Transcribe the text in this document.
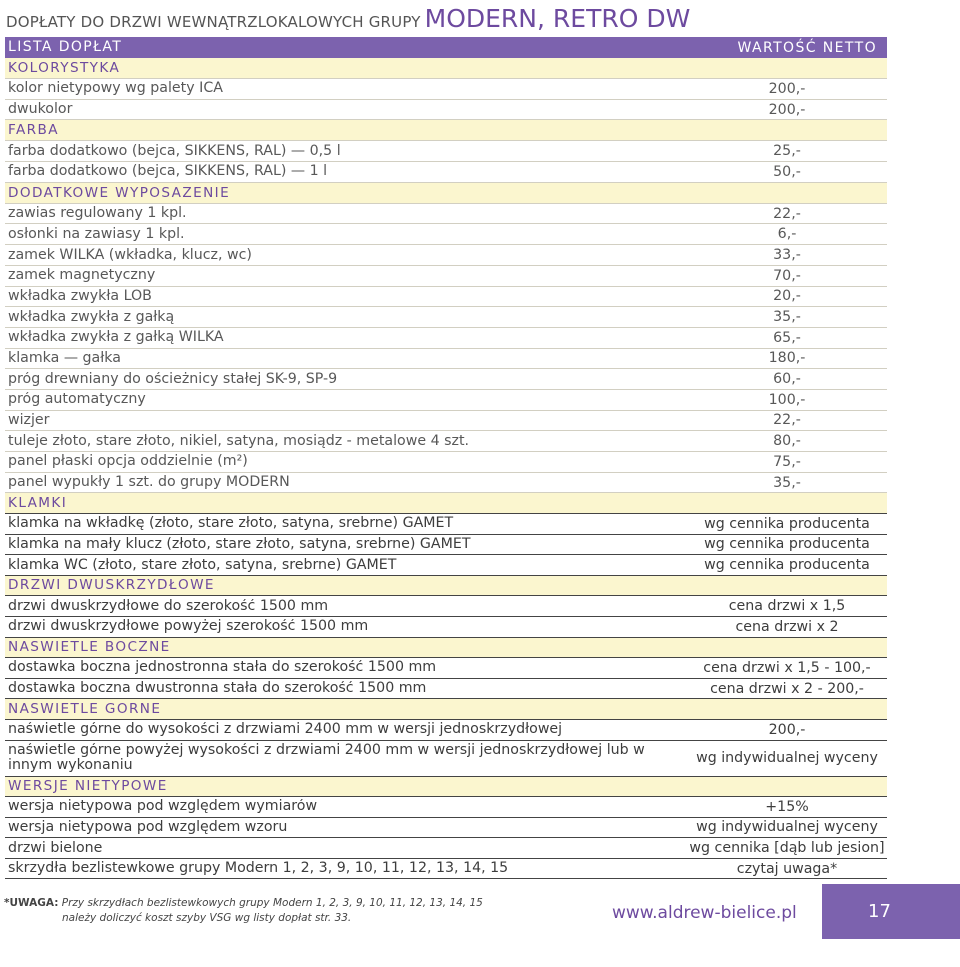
DOPŁATY DO DRZWI WEWNĄTRZLOKALOWYCH GRUPY MODERN, RETRO DW
LISTA DOPŁAT	WARTOŚĆ NETTO
KOLORYSTYKA
kolor nietypowy wg palety ICA	200,-
dwukolor	200,-
FARBA
farba dodatkowo (bejca, SIKKENS, RAL) — 0,5 l	25,-
farba dodatkowo (bejca, SIKKENS, RAL) — 1 l	50,-
DODATKOWE WYPOSAŻENIE
zawias regulowany 1 kpl.	22,-
osłonki na zawiasy 1 kpl.	6,-
zamek WILKA (wkładka, klucz, wc)	33,-
zamek magnetyczny	70,-
wkładka zwykła LOB	20,-
wkładka zwykła z gałką	35,-
wkładka zwykła z gałką WILKA	65,-
klamka — gałka	180,-
próg drewniany do ościeżnicy stałej SK-9, SP-9	60,-
próg automatyczny	100,-
wizjer	22,-
tuleje złoto, stare złoto, nikiel, satyna, mosiądz - metalowe 4 szt.	80,-
panel płaski opcja oddzielnie (m²)	75,-
panel wypukły 1 szt. do grupy MODERN	35,-
KLAMKI
klamka na wkładkę (złoto, stare złoto, satyna, srebrne) GAMET	wg cennika producenta
klamka na mały klucz (złoto, stare złoto, satyna, srebrne) GAMET	wg cennika producenta
klamka WC (złoto, stare złoto, satyna, srebrne) GAMET	wg cennika producenta
DRZWI DWUSKRZYDŁOWE
drzwi dwuskrzydłowe do szerokość 1500 mm	cena drzwi x 1,5
drzwi dwuskrzydłowe powyżej szerokość 1500 mm	cena drzwi x 2
NAŚWIETLE BOCZNE
dostawka boczna jednostronna stała do szerokość 1500 mm	cena drzwi x 1,5 - 100,-
dostawka boczna dwustronna stała do szerokość 1500 mm	cena drzwi x 2 - 200,-
NAŚWIETLE GÓRNE
naświetle górne do wysokości z drzwiami 2400 mm w wersji jednoskrzydłowej	200,-
naświetle górne powyżej wysokości z drzwiami 2400 mm w wersji jednoskrzydłowej lub w innym wykonaniu	wg indywidualnej wyceny
WERSJE NIETYPOWE
wersja nietypowa pod względem wymiarów	+15%
wersja nietypowa pod względem wzoru	wg indywidualnej wyceny
drzwi bielone	wg cennika [dąb lub jesion]
skrzydła bezlistewkowe grupy Modern 1, 2, 3, 9, 10, 11, 12, 13, 14, 15	czytaj uwaga*
*UWAGA: Przy skrzydłach bezlistewkowych grupy Modern 1, 2, 3, 9, 10, 11, 12, 13, 14, 15
należy doliczyć koszt szyby VSG wg listy dopłat str. 33.	www.aldrew-bielice.pl	17
